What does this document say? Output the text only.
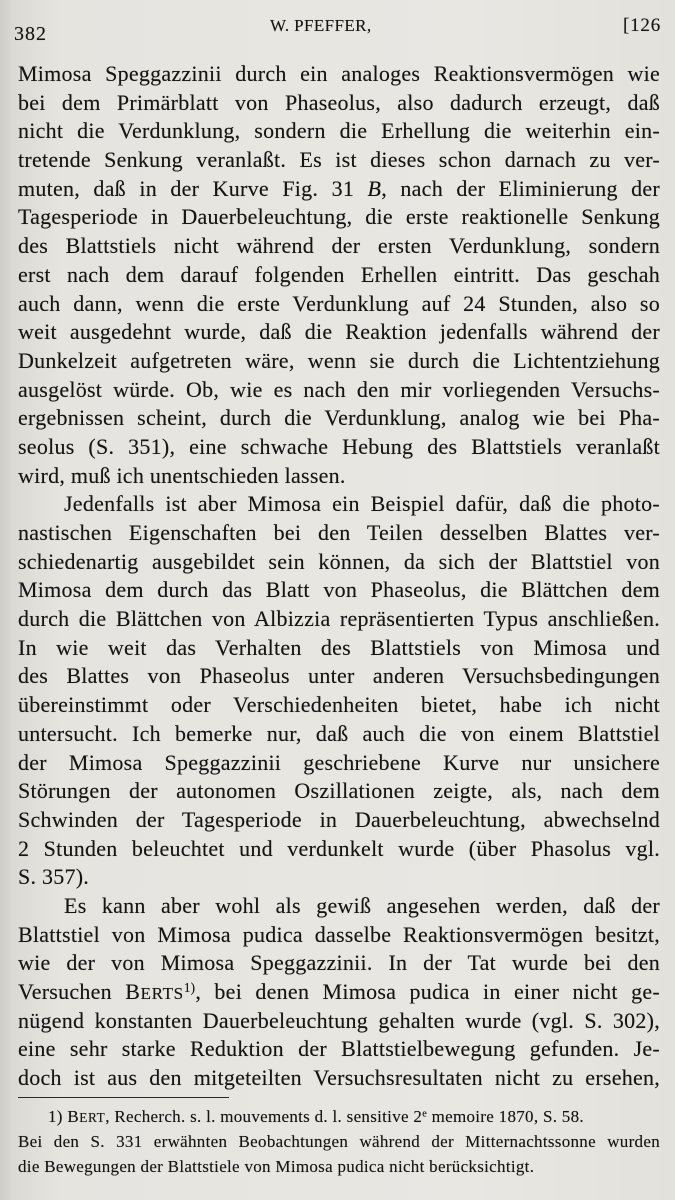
382	W. PFEFFER,	[126
Mimosa Speggazzinii durch ein analoges Reaktionsvermögen wie
bei dem Primärblatt von Phaseolus, also dadurch erzeugt, daß
nicht die Verdunklung, sondern die Erhellung die weiterhin ein-
tretende Senkung veranlaßt. Es ist dieses schon darnach zu ver-
muten, daß in der Kurve Fig. 31 B, nach der Eliminierung der
Tagesperiode in Dauerbeleuchtung, die erste reaktionelle Senkung
des Blattstiels nicht während der ersten Verdunklung, sondern
erst nach dem darauf folgenden Erhellen eintritt. Das geschah
auch dann, wenn die erste Verdunklung auf 24 Stunden, also so
weit ausgedehnt wurde, daß die Reaktion jedenfalls während der
Dunkelzeit aufgetreten wäre, wenn sie durch die Lichtentziehung
ausgelöst würde. Ob, wie es nach den mir vorliegenden Versuchs-
ergebnissen scheint, durch die Verdunklung, analog wie bei Pha-
seolus (S. 351), eine schwache Hebung des Blattstiels veranlaßt
wird, muß ich unentschieden lassen.
Jedenfalls ist aber Mimosa ein Beispiel dafür, daß die photo-
nastischen Eigenschaften bei den Teilen desselben Blattes ver-
schiedenartig ausgebildet sein können, da sich der Blattstiel von
Mimosa dem durch das Blatt von Phaseolus, die Blättchen dem
durch die Blättchen von Albizzia repräsentierten Typus anschließen.
In wie weit das Verhalten des Blattstiels von Mimosa und
des Blattes von Phaseolus unter anderen Versuchsbedingungen
übereinstimmt oder Verschiedenheiten bietet, habe ich nicht
untersucht. Ich bemerke nur, daß auch die von einem Blattstiel
der Mimosa Speggazzinii geschriebene Kurve nur unsichere
Störungen der autonomen Oszillationen zeigte, als, nach dem
Schwinden der Tagesperiode in Dauerbeleuchtung, abwechselnd
2 Stunden beleuchtet und verdunkelt wurde (über Phasolus vgl.
S. 357).
Es kann aber wohl als gewiß angesehen werden, daß der
Blattstiel von Mimosa pudica dasselbe Reaktionsvermögen besitzt,
wie der von Mimosa Speggazzinii. In der Tat wurde bei den
Versuchen BERTS$^{1)}$, bei denen Mimosa pudica in einer nicht ge-
nügend konstanten Dauerbeleuchtung gehalten wurde (vgl. S. 302),
eine sehr starke Reduktion der Blattstielbewegung gefunden. Je-
doch ist aus den mitgeteilten Versuchsresultaten nicht zu ersehen,
1) BERT, Recherch. s. l. mouvements d. l. sensitive 2e memoire 1870, S. 58.
Bei den S. 331 erwähnten Beobachtungen während der Mitternachtssonne wurden
die Bewegungen der Blattstiele von Mimosa pudica nicht berücksichtigt.
